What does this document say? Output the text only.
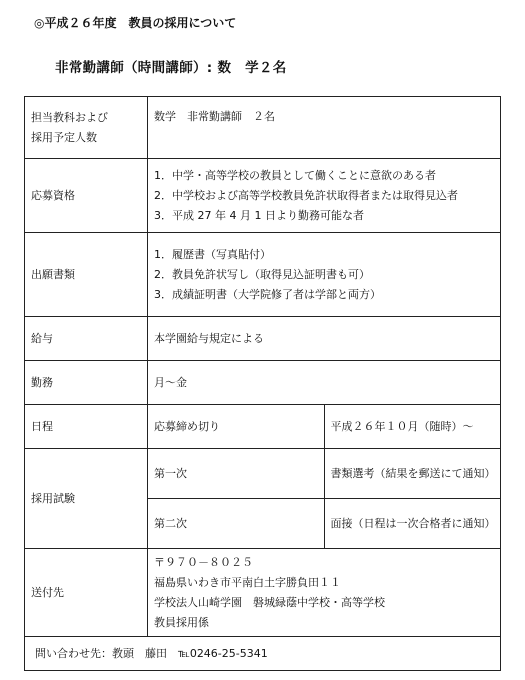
◎平成２６年度　教員の採用について
非常勤講師（時間講師）: 数　学２名
担当教科および
採用予定人数	数学　非常勤講師　２名	
応募資格	1．中学・高等学校の教員として働くことに意欲のある者
2．中学校および高等学校教員免許状取得者または取得見込者
3．平成 27 年 4 月 1 日より勤務可能な者	

出願書類	1．履歴書（写真貼付）
2．教員免許状写し（取得見込証明書も可）
3．成績証明書（大学院修了者は学部と両方）	

給与	本学園給与規定による	
勤務	月～金	
日程	応募締め切り	平成２６年１０月（随時）～
採用試験	第一次	書類選考（結果を郵送にて通知）
	第二次	面接（日程は一次合格者に通知）
送付先	〒９７０－８０２５
福島県いわき市平南白土字勝負田１１
学校法人山崎学園　磐城緑蔭中学校・高等学校
教員採用係	

問い合わせ先：教頭　藤田　℡0246-25-5341		
